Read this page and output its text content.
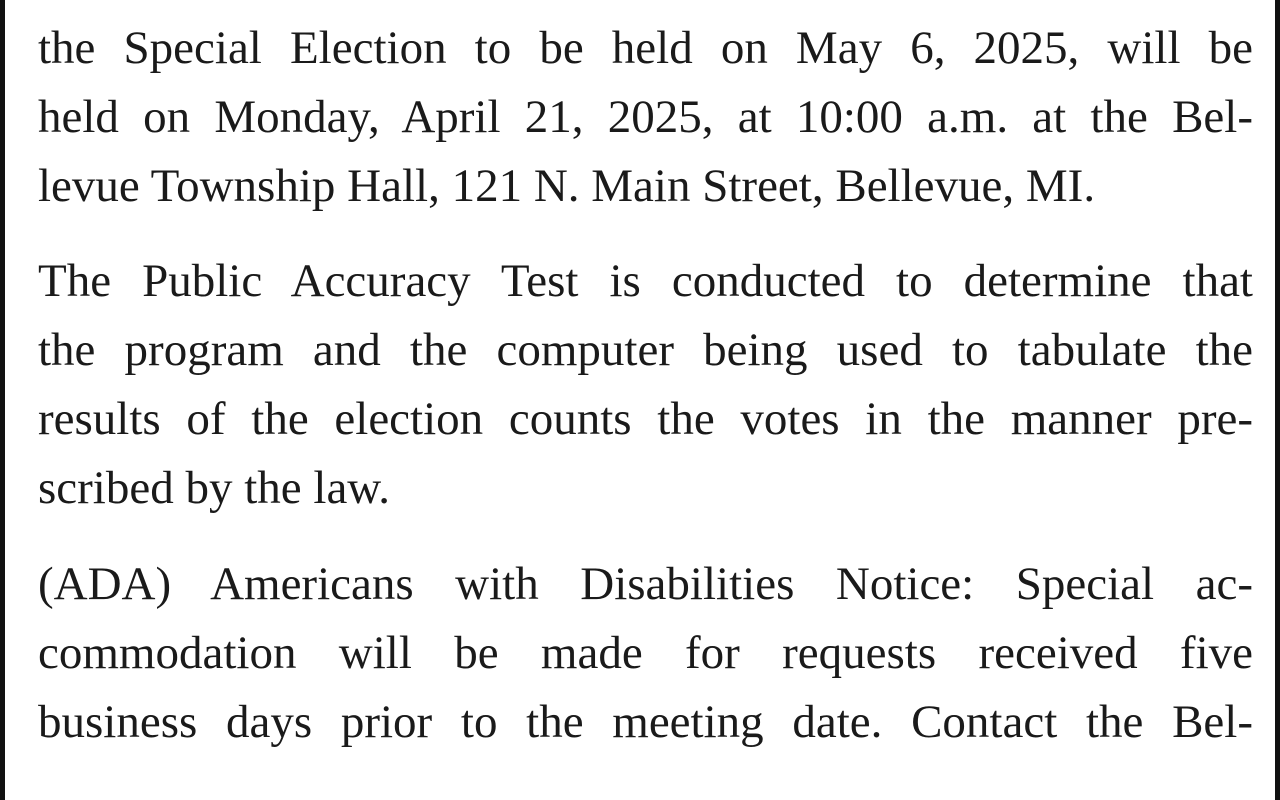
the Special Election to be held on May 6, 2025, will be
held on Monday, April 21, 2025, at 10:00 a.m. at the Bel-
levue Township Hall, 121 N. Main Street, Bellevue, MI.
The Public Accuracy Test is conducted to determine that
the program and the computer being used to tabulate the
results of the election counts the votes in the manner pre-
scribed by the law.
(ADA) Americans with Disabilities Notice: Special ac-
commodation will be made for requests received five
business days prior to the meeting date. Contact the Bel-
